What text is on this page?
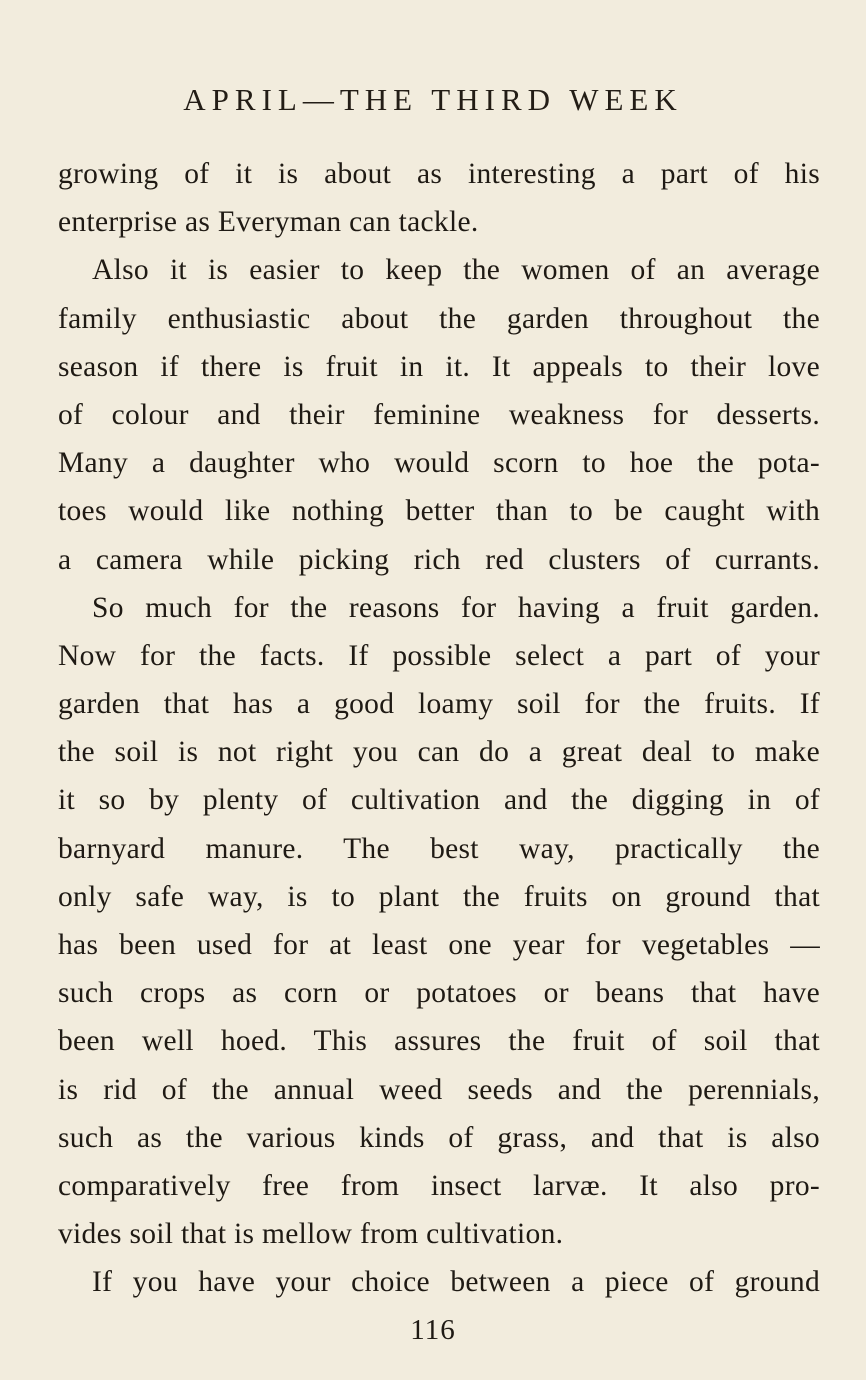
APRIL—THE THIRD WEEK
growing of it is about as interesting a part of his
enterprise as Everyman can tackle.
Also it is easier to keep the women of an average
family enthusiastic about the garden throughout the
season if there is fruit in it. It appeals to their love
of colour and their feminine weakness for desserts.
Many a daughter who would scorn to hoe the pota-
toes would like nothing better than to be caught with
a camera while picking rich red clusters of currants.
So much for the reasons for having a fruit garden.
Now for the facts. If possible select a part of your
garden that has a good loamy soil for the fruits. If
the soil is not right you can do a great deal to make
it so by plenty of cultivation and the digging in of
barnyard manure. The best way, practically the
only safe way, is to plant the fruits on ground that
has been used for at least one year for vegetables —
such crops as corn or potatoes or beans that have
been well hoed. This assures the fruit of soil that
is rid of the annual weed seeds and the perennials,
such as the various kinds of grass, and that is also
comparatively free from insect larvæ. It also pro-
vides soil that is mellow from cultivation.
If you have your choice between a piece of ground
116
